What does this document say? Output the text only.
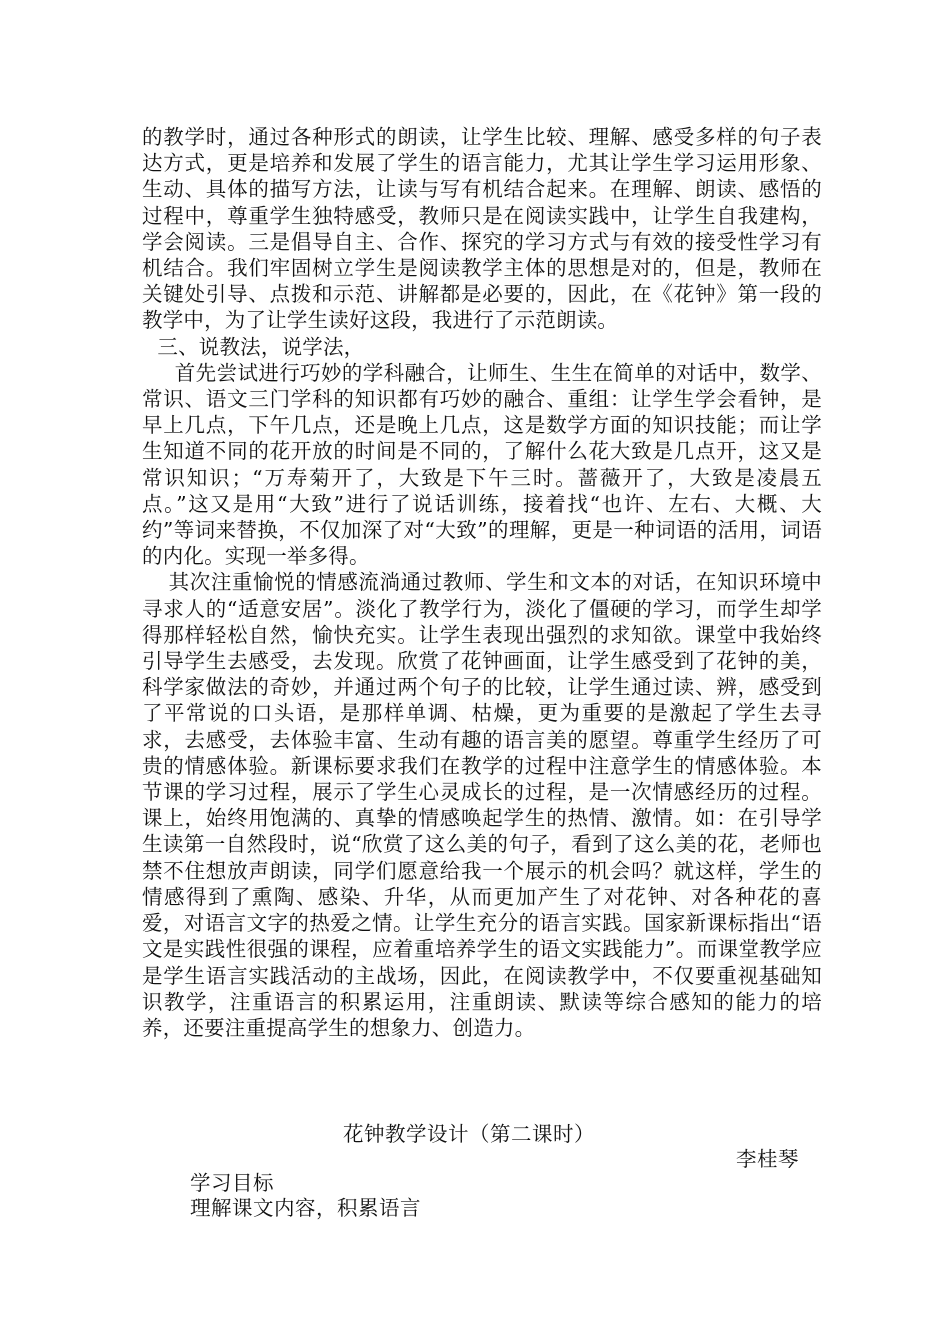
的教学时，通过各种形式的朗读，让学生比较、理解、感受多样的句子表达方式，更是培养和发展了学生的语言能力，尤其让学生学习运用形象、生动、具体的描写方法，让读与写有机结合起来。在理解、朗读、感悟的过程中，尊重学生独特感受，教师只是在阅读实践中，让学生自我建构，学会阅读。三是倡导自主、合作、探究的学习方式与有效的接受性学习有机结合。我们牢固树立学生是阅读教学主体的思想是对的，但是，教师在关键处引导、点拨和示范、讲解都是必要的，因此，在《花钟》第一段的教学中，为了让学生读好这段，我进行了示范朗读。

三、说教法，说学法，

首先尝试进行巧妙的学科融合，让师生、生生在简单的对话中，数学、常识、语文三门学科的知识都有巧妙的融合、重组：让学生学会看钟，是早上几点，下午几点，还是晚上几点，这是数学方面的知识技能；而让学生知道不同的花开放的时间是不同的，了解什么花大致是几点开，这又是常识知识；“万寿菊开了，大致是下午三时。蔷薇开了，大致是凌晨五点。”这又是用“大致”进行了说话训练，接着找“也许、左右、大概、大约”等词来替换，不仅加深了对“大致”的理解，更是一种词语的活用，词语的内化。实现一举多得。

其次注重愉悦的情感流淌通过教师、学生和文本的对话，在知识环境中寻求人的“适意安居”。淡化了教学行为，淡化了僵硬的学习，而学生却学得那样轻松自然，愉快充实。让学生表现出强烈的求知欲。课堂中我始终引导学生去感受，去发现。欣赏了花钟画面，让学生感受到了花钟的美，科学家做法的奇妙，并通过两个句子的比较，让学生通过读、辨，感受到了平常说的口头语，是那样单调、枯燥，更为重要的是激起了学生去寻求，去感受，去体验丰富、生动有趣的语言美的愿望。尊重学生经历了可贵的情感体验。新课标要求我们在教学的过程中注意学生的情感体验。本节课的学习过程，展示了学生心灵成长的过程，是一次情感经历的过程。课上，始终用饱满的、真挚的情感唤起学生的热情、激情。如：在引导学生读第一自然段时，说“欣赏了这么美的句子，看到了这么美的花，老师也禁不住想放声朗读，同学们愿意给我一个展示的机会吗？就这样，学生的情感得到了熏陶、感染、升华，从而更加产生了对花钟、对各种花的喜爱，对语言文字的热爱之情。让学生充分的语言实践。国家新课标指出“语文是实践性很强的课程，应着重培养学生的语文实践能力”。而课堂教学应是学生语言实践活动的主战场，因此，在阅读教学中，不仅要重视基础知识教学，注重语言的积累运用，注重朗读、默读等综合感知的能力的培养，还要注重提高学生的想象力、创造力。

花钟教学设计（第二课时）
李桂琴
学习目标
理解课文内容，积累语言
